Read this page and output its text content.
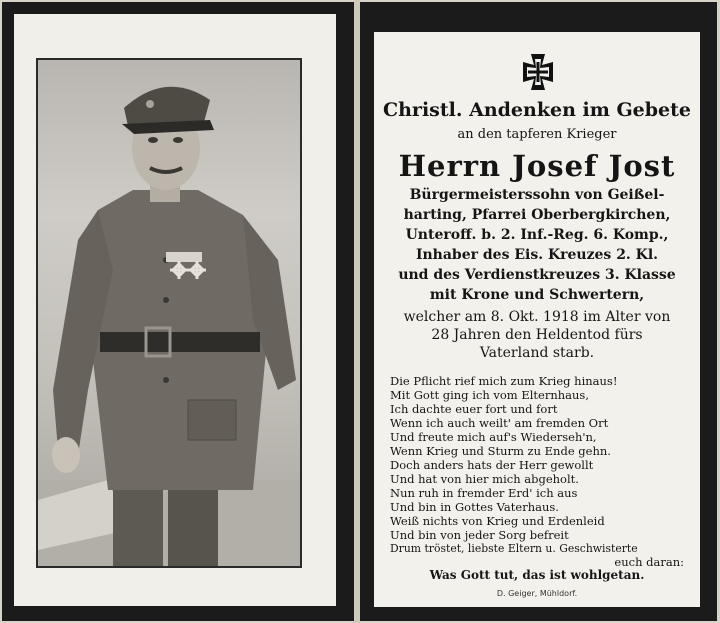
Christl. Andenken im Gebete
an den tapferen Krieger
Herrn Josef Jost
Bürgermeisterssohn von Geißel-
harting, Pfarrei Oberbergkirchen,
Unteroff. b. 2. Inf.-Reg. 6. Komp.,
Inhaber des Eis. Kreuzes 2. Kl.
und des Verdienstkreuzes 3. Klasse
mit Krone und Schwertern,
welcher am 8. Okt. 1918 im Alter von
28 Jahren den Heldentod fürs
Vaterland starb.
Die Pflicht rief mich zum Krieg hinaus!
Mit Gott ging ich vom Elternhaus,
Ich dachte euer fort und fort
Wenn ich auch weilt' am fremden Ort
Und freute mich auf's Wiederseh'n,
Wenn Krieg und Sturm zu Ende gehn.
Doch anders hats der Herr gewollt
Und hat von hier mich abgeholt.
Nun ruh in fremder Erd' ich aus
Und bin in Gottes Vaterhaus.
Weiß nichts von Krieg und Erdenleid
Und bin von jeder Sorg befreit
Drum tröstet, liebste Eltern u. Geschwisterte
euch daran:
Was Gott tut, das ist wohlgetan.
D. Geiger, Mühldorf.
